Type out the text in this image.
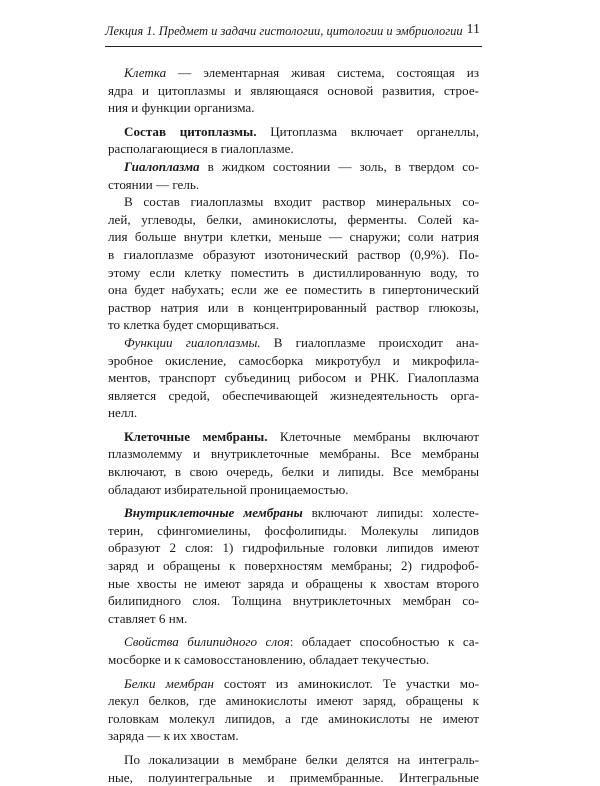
Лекция 1. Предмет и задачи гистологии, цитологии и эмбриологии 11
Клетка — элементарная живая система, состоящая из
ядра и цитоплазмы и являющаяся основой развития, строе-
ния и функции организма.
Состав цитоплазмы. Цитоплазма включает органеллы,
располагающиеся в гиалоплазме.
Гиалоплазма в жидком состоянии — золь, в твердом со-
стоянии — гель.
В состав гиалоплазмы входит раствор минеральных со-
лей, углеводы, белки, аминокислоты, ферменты. Солей ка-
лия больше внутри клетки, меньше — снаружи; соли натрия
в гиалоплазме образуют изотонический раствор (0,9%). По-
этому если клетку поместить в дистиллированную воду, то
она будет набухать; если же ее поместить в гипертонический
раствор натрия или в концентрированный раствор глюкозы,
то клетка будет сморщиваться.
Функции гиалоплазмы. В гиалоплазме происходит ана-
эробное окисление, самосборка микротубул и микрофила-
ментов, транспорт субъединиц рибосом и РНК. Гиалоплазма
является средой, обеспечивающей жизнедеятельность орга-
нелл.
Клеточные мембраны. Клеточные мембраны включают
плазмолемму и внутриклеточные мембраны. Все мембраны
включают, в свою очередь, белки и липиды. Все мембраны
обладают избирательной проницаемостью.
Внутриклеточные мембраны включают липиды: холесте-
терин, сфингомиелины, фосфолипиды. Молекулы липидов
образуют 2 слоя: 1) гидрофильные головки липидов имеют
заряд и обращены к поверхностям мембраны; 2) гидрофоб-
ные хвосты не имеют заряда и обращены к хвостам второго
билипидного слоя. Толщина внутриклеточных мембран со-
ставляет 6 нм.
Свойства билипидного слоя: обладает способностью к са-
мосборке и к самовосстановлению, обладает текучестью.
Белки мембран состоят из аминокислот. Те участки мо-
лекул белков, где аминокислоты имеют заряд, обращены к
головкам молекул липидов, а где аминокислоты не имеют
заряда — к их хвостам.
По локализации в мембране белки делятся на интеграль-
ные, полуинтегральные и примембранные. Интегральные
